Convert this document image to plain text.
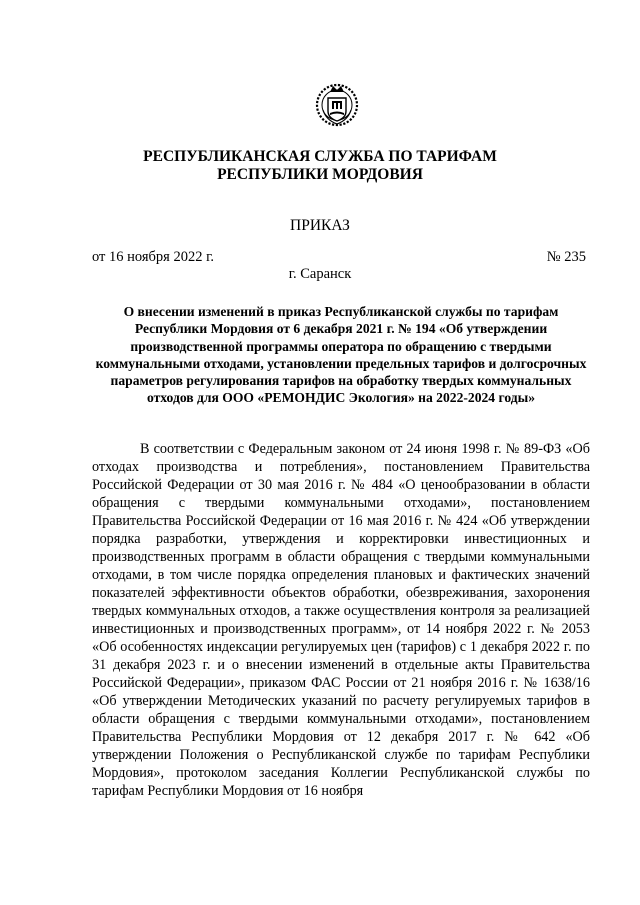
РЕСПУБЛИКАНСКАЯ СЛУЖБА ПО ТАРИФАМ
РЕСПУБЛИКИ МОРДОВИЯ
ПРИКАЗ
от 16 ноября 2022 г.	№ 235
г. Саранск
О внесении изменений в приказ Республиканской службы по тарифам Республики Мордовия от 6 декабря 2021 г. № 194 «Об утверждении производственной программы оператора по обращению с твердыми коммунальными отходами, установлении предельных тарифов и долгосрочных параметров регулирования тарифов на обработку твердых коммунальных отходов для ООО «РЕМОНДИС Экология» на 2022-2024 годы»
В соответствии с Федеральным законом от 24 июня 1998 г. № 89-ФЗ «Об отходах производства и потребления», постановлением Правительства Российской Федерации от 30 мая 2016 г. № 484 «О ценообразовании в области обращения с твердыми коммунальными отходами», постановлением Правительства Российской Федерации от 16 мая 2016 г. № 424 «Об утверждении порядка разработки, утверждения и корректировки инвестиционных и производственных программ в области обращения с твердыми коммунальными отходами, в том числе порядка определения плановых и фактических значений показателей эффективности объектов обработки, обезвреживания, захоронения твердых коммунальных отходов, а также осуществления контроля за реализацией инвестиционных и производственных программ», от 14 ноября 2022 г. № 2053 «Об особенностях индексации регулируемых цен (тарифов) с 1 декабря 2022 г. по 31 декабря 2023 г. и о внесении изменений в отдельные акты Правительства Российской Федерации», приказом ФАС России от 21 ноября 2016 г. № 1638/16 «Об утверждении Методических указаний по расчету регулируемых тарифов в области обращения с твердыми коммунальными отходами», постановлением Правительства Республики Мордовия от 12 декабря 2017 г. № 642 «Об утверждении Положения о Республиканской службе по тарифам Республики Мордовия», протоколом заседания Коллегии Республиканской службы по тарифам Республики Мордовия от 16 ноября
